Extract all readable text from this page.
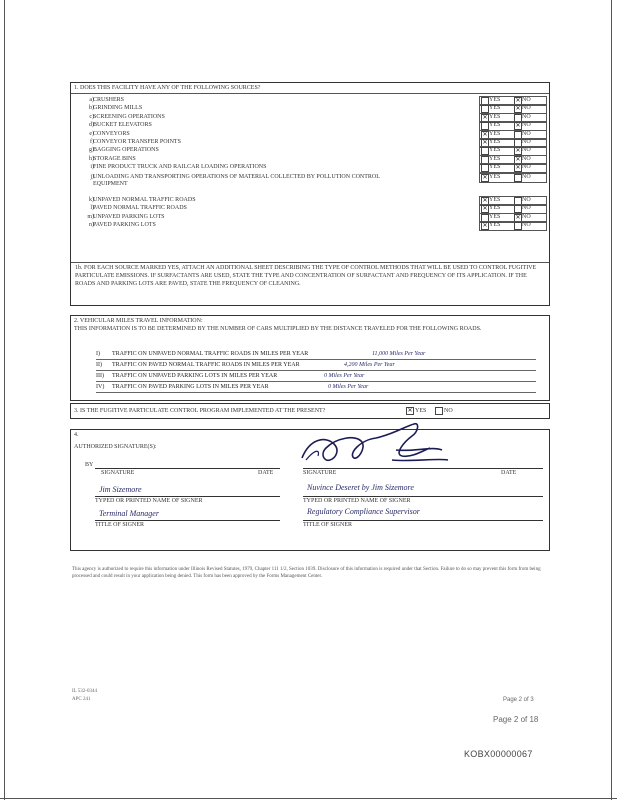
1. DOES THIS FACILITY HAVE ANY OF THE FOLLOWING SOURCES?
a) CRUSHERS	YES	✕ NO
b) GRINDING MILLS	YES	✕ NO
c) SCREENING OPERATIONS	✕ YES	NO
d) BUCKET ELEVATORS	YES	✕ NO
e) CONVEYORS	✕ YES	NO
f) CONVEYOR TRANSFER POINTS	✕ YES	NO
g) BAGGING OPERATIONS	YES	✕ NO
h) STORAGE BINS	YES	✕ NO
i) FINE PRODUCT TRUCK AND RAILCAR LOADING OPERATIONS	YES	✕ NO
j) UNLOADING AND TRANSPORTING OPERATIONS OF MATERIAL COLLECTED BY POLLUTION CONTROL
EQUIPMENT
✕ YES	NO
k) UNPAVED NORMAL TRAFFIC ROADS	✕ YES	NO
l) PAVED NORMAL TRAFFIC ROADS	✕ YES	NO
m) UNPAVED PARKING LOTS	YES	✕ NO
n) PAVED PARKING LOTS	✕ YES	NO
1b. FOR EACH SOURCE MARKED YES, ATTACH AN ADDITIONAL SHEET DESCRIBING THE TYPE OF CONTROL METHODS THAT WILL BE USED TO CONTROL FUGITIVE PARTICULATE EMISSIONS. IF SURFACTANTS ARE USED, STATE THE TYPE AND CONCENTRATION OF SURFACTANT AND FREQUENCY OF ITS APPLICATION. IF THE ROADS AND PARKING LOTS ARE PAVED, STATE THE FREQUENCY OF CLEANING.
2. VEHICULAR MILES TRAVEL INFORMATION:
THIS INFORMATION IS TO BE DETERMINED BY THE NUMBER OF CARS MULTIPLIED BY THE DISTANCE TRAVELED FOR THE FOLLOWING ROADS.
I) TRAFFIC ON UNPAVED NORMAL TRAFFIC ROADS IN MILES PER YEAR	11,000 Miles Per Year
II) TRAFFIC ON PAVED NORMAL TRAFFIC ROADS IN MILES PER YEAR	4,200 Miles Per Year
III) TRAFFIC ON UNPAVED PARKING LOTS IN MILES PER YEAR	0 Miles Per Year
IV) TRAFFIC ON PAVED PARKING LOTS IN MILES PER YEAR	0 Miles Per Year
3. IS THE FUGITIVE PARTICULATE CONTROL PROGRAM IMPLEMENTED AT THE PRESENT?	✕ YES	NO
4.
AUTHORIZED SIGNATURE(S):
BY
SIGNATURE	DATE	SIGNATURE	DATE
Jim Sizemore
TYPED OR PRINTED NAME OF SIGNER
Nuvince Deseret by Jim Sizemore
TYPED OR PRINTED NAME OF SIGNER
Terminal Manager
TITLE OF SIGNER
Regulatory Compliance Supervisor
TITLE OF SIGNER
This agency is authorized to require this information under Illinois Revised Statutes, 1979, Chapter 111 1/2, Section 1039. Disclosure of this information is required under that Section. Failure to do so may prevent this form from being processed and could result in your application being denied. This form has been approved by the Forms Management Center.
IL 532-0344
APC 241	Page 2 of 3
Page 2 of 18
KOBX00000067
